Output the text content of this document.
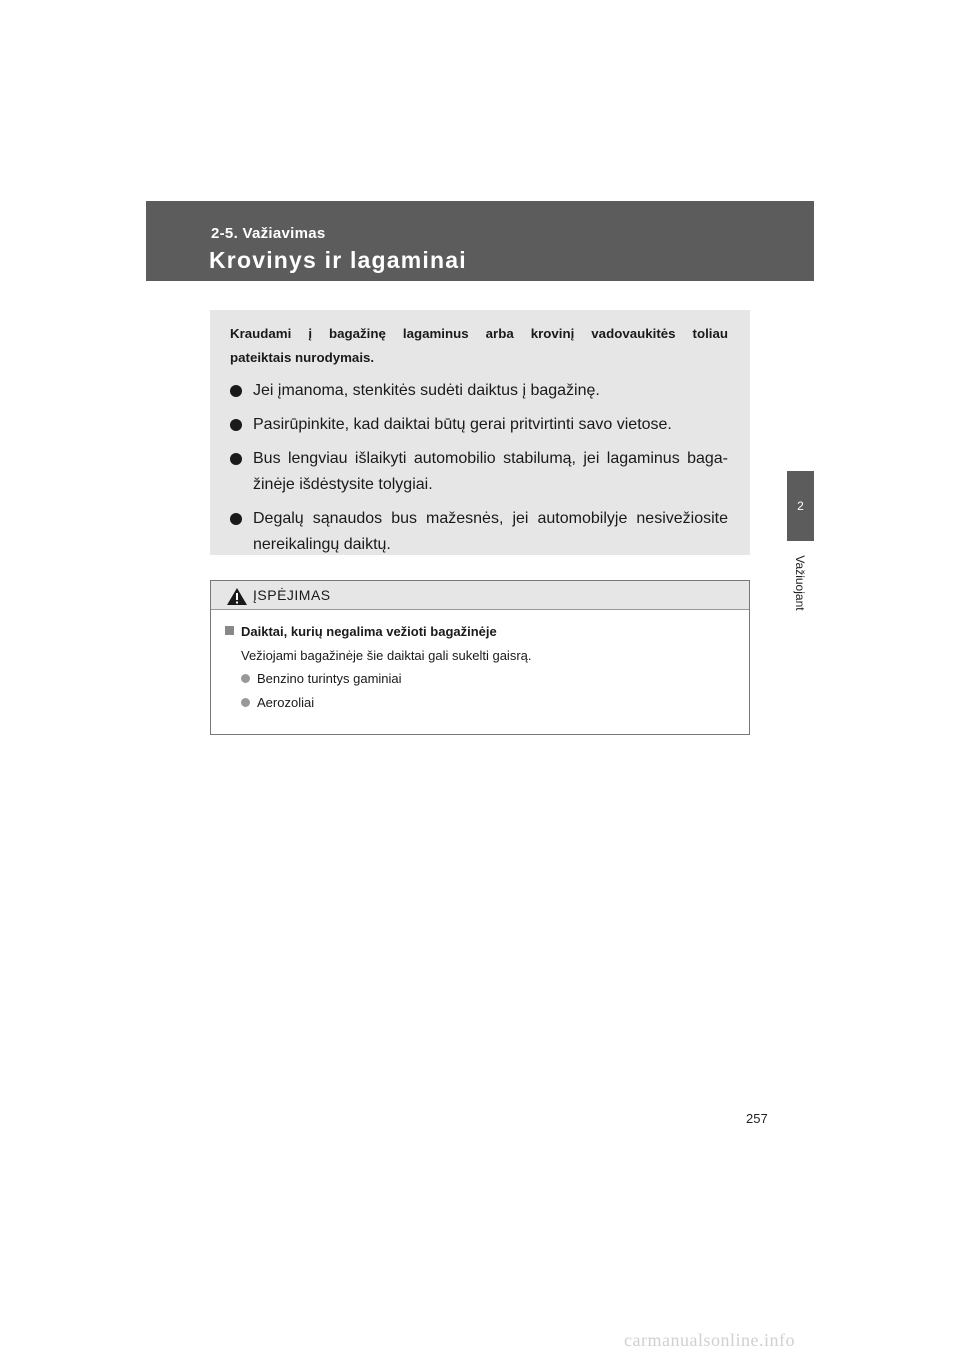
2-5. Važiavimas
Krovinys ir lagaminai
2
Važiuojant

Kraudami į bagažinę lagaminus arba krovinį vadovaukitės toliau
pateiktais nurodymais.

Jei įmanoma, stenkitės sudėti daiktus į bagažinę.
Pasirūpinkite, kad daiktai būtų gerai pritvirtinti savo vietose.
Bus lengviau išlaikyti automobilio stabilumą, jei lagaminus baga-žinėje išdėstysite tolygiai.
Degalų sąnaudos bus mažesnės, jei automobilyje nesivežiosite nereikalingų daiktų.
ĮSPĖJIMAS
Daiktai, kurių negalima vežioti bagažinėje
Vežiojami bagažinėje šie daiktai gali sukelti gaisrą.
Benzino turintys gaminiai
Aerozoliai
257
carmanualsonline.info
